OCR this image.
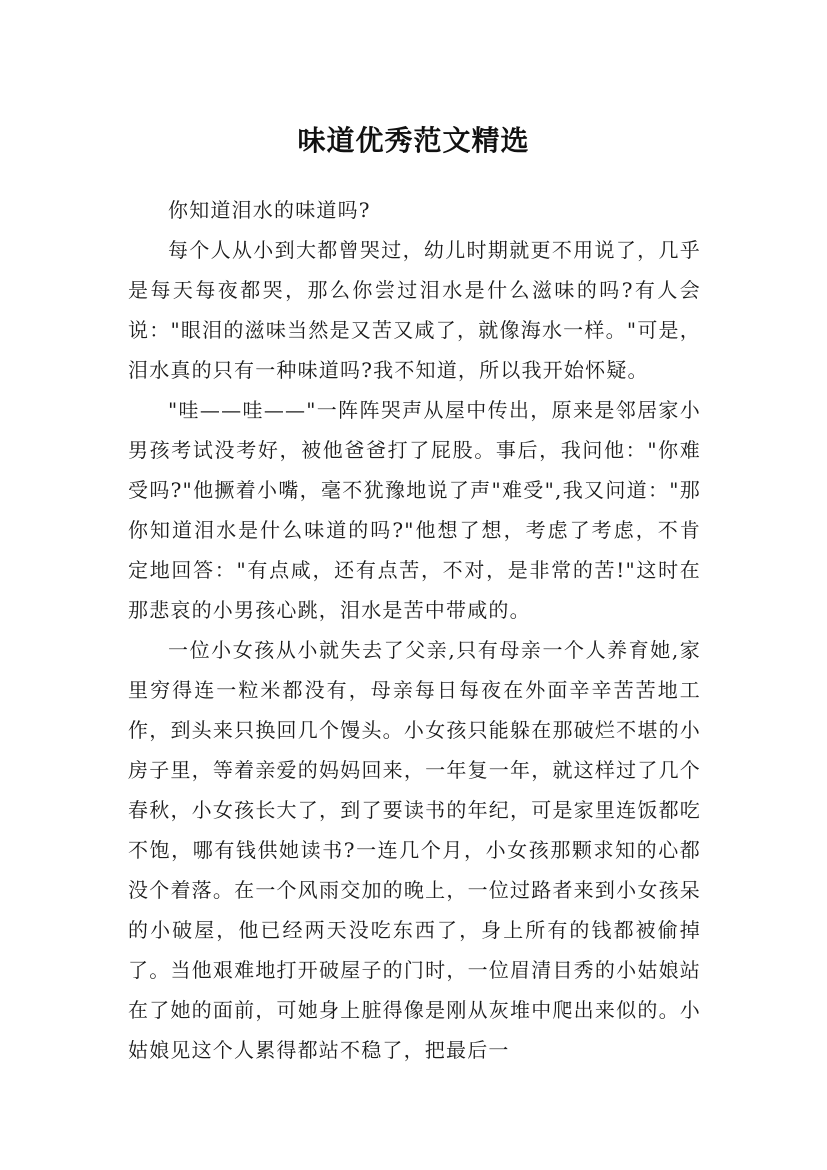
味道优秀范文精选

你知道泪水的味道吗?

每个人从小到大都曾哭过，幼儿时期就更不用说了，几乎是每天每夜都哭，那么你尝过泪水是什么滋味的吗?有人会说："眼泪的滋味当然是又苦又咸了，就像海水一样。"可是，泪水真的只有一种味道吗?我不知道，所以我开始怀疑。

"哇——哇——"一阵阵哭声从屋中传出，原来是邻居家小男孩考试没考好，被他爸爸打了屁股。事后，我问他："你难受吗?"他撅着小嘴，毫不犹豫地说了声"难受",我又问道："那你知道泪水是什么味道的吗?"他想了想，考虑了考虑，不肯定地回答："有点咸，还有点苦，不对，是非常的苦!"这时在那悲哀的小男孩心跳，泪水是苦中带咸的。

一位小女孩从小就失去了父亲,只有母亲一个人养育她,家里穷得连一粒米都没有，母亲每日每夜在外面辛辛苦苦地工作，到头来只换回几个馒头。小女孩只能躲在那破烂不堪的小房子里，等着亲爱的妈妈回来，一年复一年，就这样过了几个春秋，小女孩长大了，到了要读书的年纪，可是家里连饭都吃不饱，哪有钱供她读书?一连几个月，小女孩那颗求知的心都没个着落。在一个风雨交加的晚上，一位过路者来到小女孩呆的小破屋，他已经两天没吃东西了，身上所有的钱都被偷掉了。当他艰难地打开破屋子的门时，一位眉清目秀的小姑娘站在了她的面前，可她身上脏得像是刚从灰堆中爬出来似的。小姑娘见这个人累得都站不稳了，把最后一
